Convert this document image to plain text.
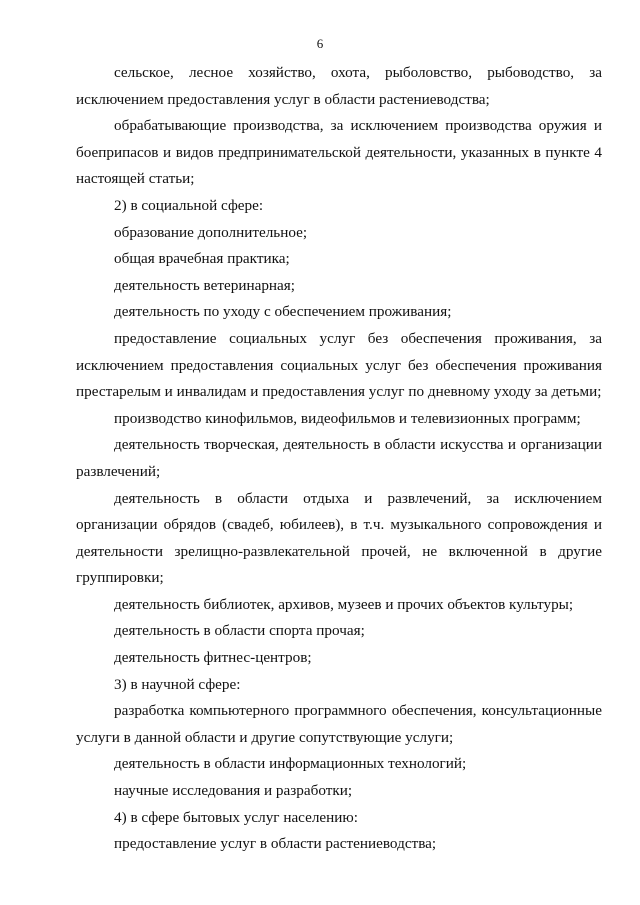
6

сельское, лесное хозяйство, охота, рыболовство, рыбоводство, за исключением предоставления услуг в области растениеводства;

обрабатывающие производства, за исключением производства оружия и боеприпасов и видов предпринимательской деятельности, указанных в пункте 4 настоящей статьи;

2) в социальной сфере:

образование дополнительное;

общая врачебная практика;

деятельность ветеринарная;

деятельность по уходу с обеспечением проживания;

предоставление социальных услуг без обеспечения проживания, за исключением предоставления социальных услуг без обеспечения проживания престарелым и инвалидам и предоставления услуг по дневному уходу за детьми;

производство кинофильмов, видеофильмов и телевизионных программ;

деятельность творческая, деятельность в области искусства и организации развлечений;

деятельность в области отдыха и развлечений, за исключением организации обрядов (свадеб, юбилеев), в т.ч. музыкального сопровождения и деятельности зрелищно-развлекательной прочей, не включенной в другие группировки;

деятельность библиотек, архивов, музеев и прочих объектов культуры;

деятельность в области спорта прочая;

деятельность фитнес-центров;

3) в научной сфере:

разработка компьютерного программного обеспечения, консультационные услуги в данной области и другие сопутствующие услуги;

деятельность в области информационных технологий;

научные исследования и разработки;

4) в сфере бытовых услуг населению:

предоставление услуг в области растениеводства;
